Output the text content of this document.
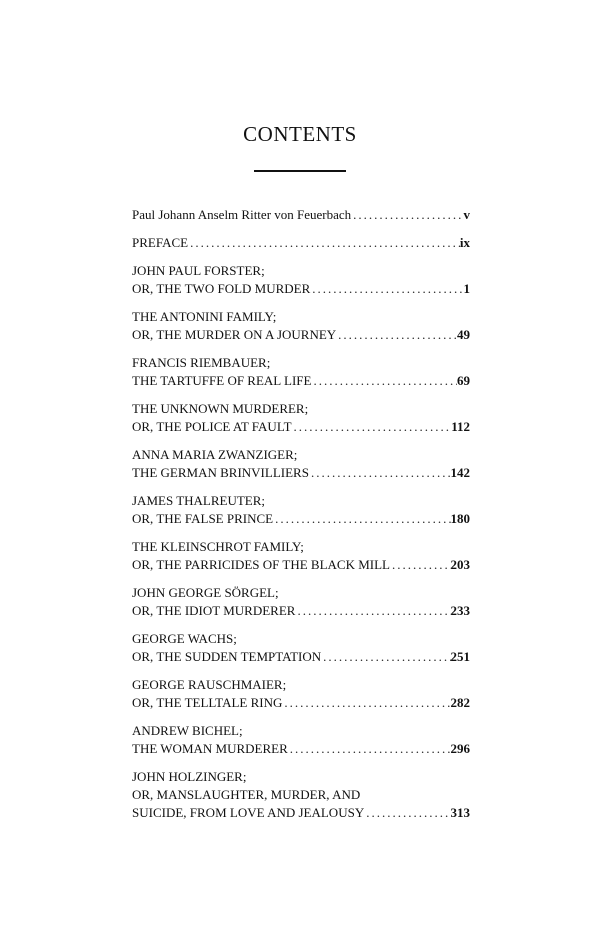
CONTENTS
Paul Johann Anselm Ritter von Feuerbach .....	v
PREFACE .....	ix
JOHN PAUL FORSTER;
OR, THE TWO FOLD MURDER .....	1
THE ANTONINI FAMILY;
OR, THE MURDER ON A JOURNEY .....	49
FRANCIS RIEMBAUER;
THE TARTUFFE OF REAL LIFE .....	69
THE UNKNOWN MURDERER;
OR, THE POLICE AT FAULT .....	112
ANNA MARIA ZWANZIGER;
THE GERMAN BRINVILLIERS .....	142
JAMES THALREUTER;
OR, THE FALSE PRINCE .....	180
THE KLEINSCHROT FAMILY;
OR, THE PARRICIDES OF THE BLACK MILL .....	203
JOHN GEORGE SÖRGEL;
OR, THE IDIOT MURDERER .....	233
GEORGE WACHS;
OR, THE SUDDEN TEMPTATION .....	251
GEORGE RAUSCHMAIER;
OR, THE TELLTALE RING .....	282
ANDREW BICHEL;
THE WOMAN MURDERER .....	296
JOHN HOLZINGER;
OR, MANSLAUGHTER, MURDER, AND
SUICIDE, FROM LOVE AND JEALOUSY .....	313
